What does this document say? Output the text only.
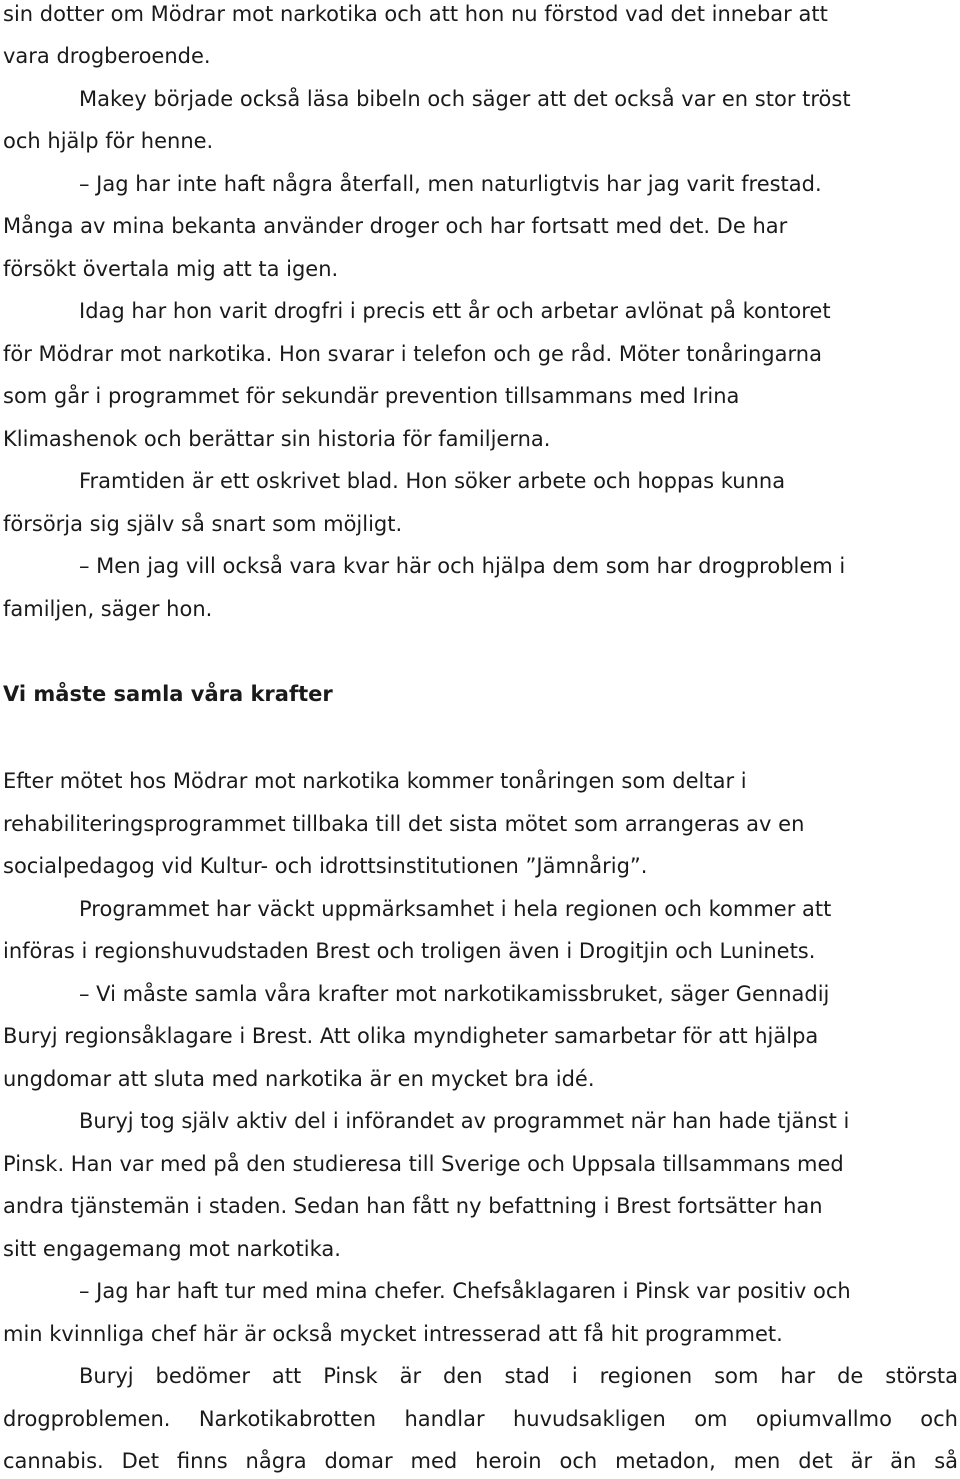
sin dotter om Mödrar mot narkotika och att hon nu förstod vad det innebar att
vara drogberoende.
Makey började också läsa bibeln och säger att det också var en stor tröst
och hjälp för henne.
– Jag har inte haft några återfall, men naturligtvis har jag varit frestad.
Många av mina bekanta använder droger och har fortsatt med det. De har
försökt övertala mig att ta igen.
Idag har hon varit drogfri i precis ett år och arbetar avlönat på kontoret
för Mödrar mot narkotika. Hon svarar i telefon och ge råd. Möter tonåringarna
som går i programmet för sekundär prevention tillsammans med Irina
Klimashenok och berättar sin historia för familjerna.
Framtiden är ett oskrivet blad. Hon söker arbete och hoppas kunna
försörja sig själv så snart som möjligt.
– Men jag vill också vara kvar här och hjälpa dem som har drogproblem i
familjen, säger hon.
Vi måste samla våra krafter
Efter mötet hos Mödrar mot narkotika kommer tonåringen som deltar i
rehabiliteringsprogrammet tillbaka till det sista mötet som arrangeras av en
socialpedagog vid Kultur- och idrottsinstitutionen ”Jämnårig”.
Programmet har väckt uppmärksamhet i hela regionen och kommer att
införas i regionshuvudstaden Brest och troligen även i Drogitjin och Luninets.
– Vi måste samla våra krafter mot narkotikamissbruket, säger Gennadij
Buryj regionsåklagare i Brest. Att olika myndigheter samarbetar för att hjälpa
ungdomar att sluta med narkotika är en mycket bra idé.
Buryj tog själv aktiv del i införandet av programmet när han hade tjänst i
Pinsk. Han var med på den studieresa till Sverige och Uppsala tillsammans med
andra tjänstemän i staden. Sedan han fått ny befattning i Brest fortsätter han
sitt engagemang mot narkotika.
– Jag har haft tur med mina chefer. Chefsåklagaren i Pinsk var positiv och
min kvinnliga chef här är också mycket intresserad att få hit programmet.
Buryj bedömer att Pinsk är den stad i regionen som har de största
drogproblemen. Narkotikabrotten handlar huvudsakligen om opiumvallmo och
cannabis. Det finns några domar med heroin och metadon, men det är än så
